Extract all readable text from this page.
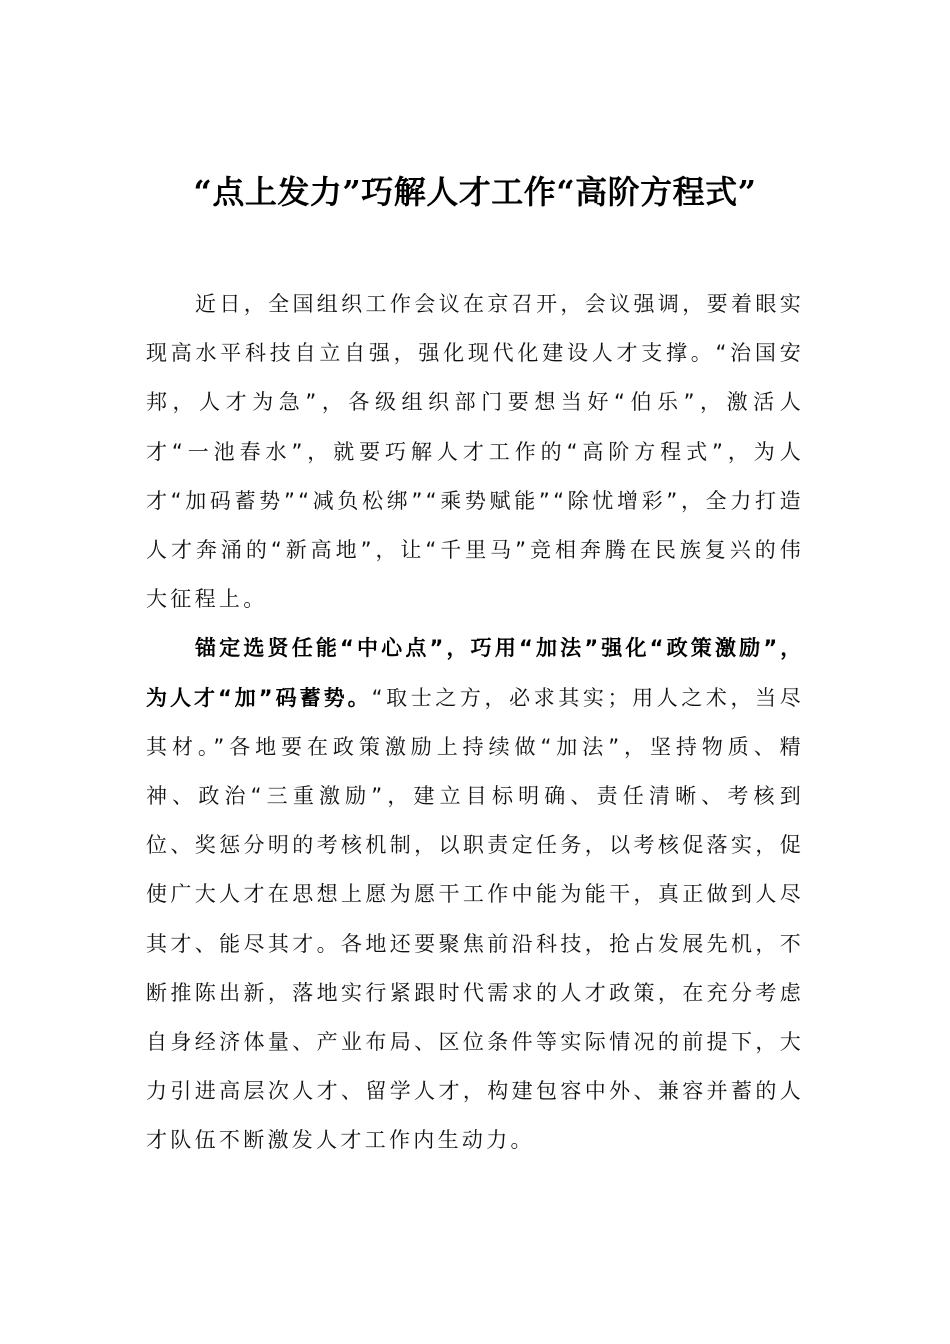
“点上发力”巧解人才工作“高阶方程式”

近日，全国组织工作会议在京召开，会议强调，要着眼实现高水平科技自立自强，强化现代化建设人才支撑。“治国安邦，人才为急”，各级组织部门要想当好“伯乐”，激活人才“一池春水”，就要巧解人才工作的“高阶方程式”，为人才“加码蓄势”“减负松绑”“乘势赋能”“除忧增彩”，全力打造人才奔涌的“新高地”，让“千里马”竞相奔腾在民族复兴的伟大征程上。

锚定选贤任能“中心点”，巧用“加法”强化“政策激励”，为人才“加”码蓄势。“取士之方，必求其实；用人之术，当尽其材。”各地要在政策激励上持续做“加法”，坚持物质、精神、政治“三重激励”，建立目标明确、责任清晰、考核到位、奖惩分明的考核机制，以职责定任务，以考核促落实，促使广大人才在思想上愿为愿干工作中能为能干，真正做到人尽其才、能尽其才。各地还要聚焦前沿科技，抢占发展先机，不断推陈出新，落地实行紧跟时代需求的人才政策，在充分考虑自身经济体量、产业布局、区位条件等实际情况的前提下，大力引进高层次人才、留学人才，构建包容中外、兼容并蓄的人才队伍不断激发人才工作内生动力。
